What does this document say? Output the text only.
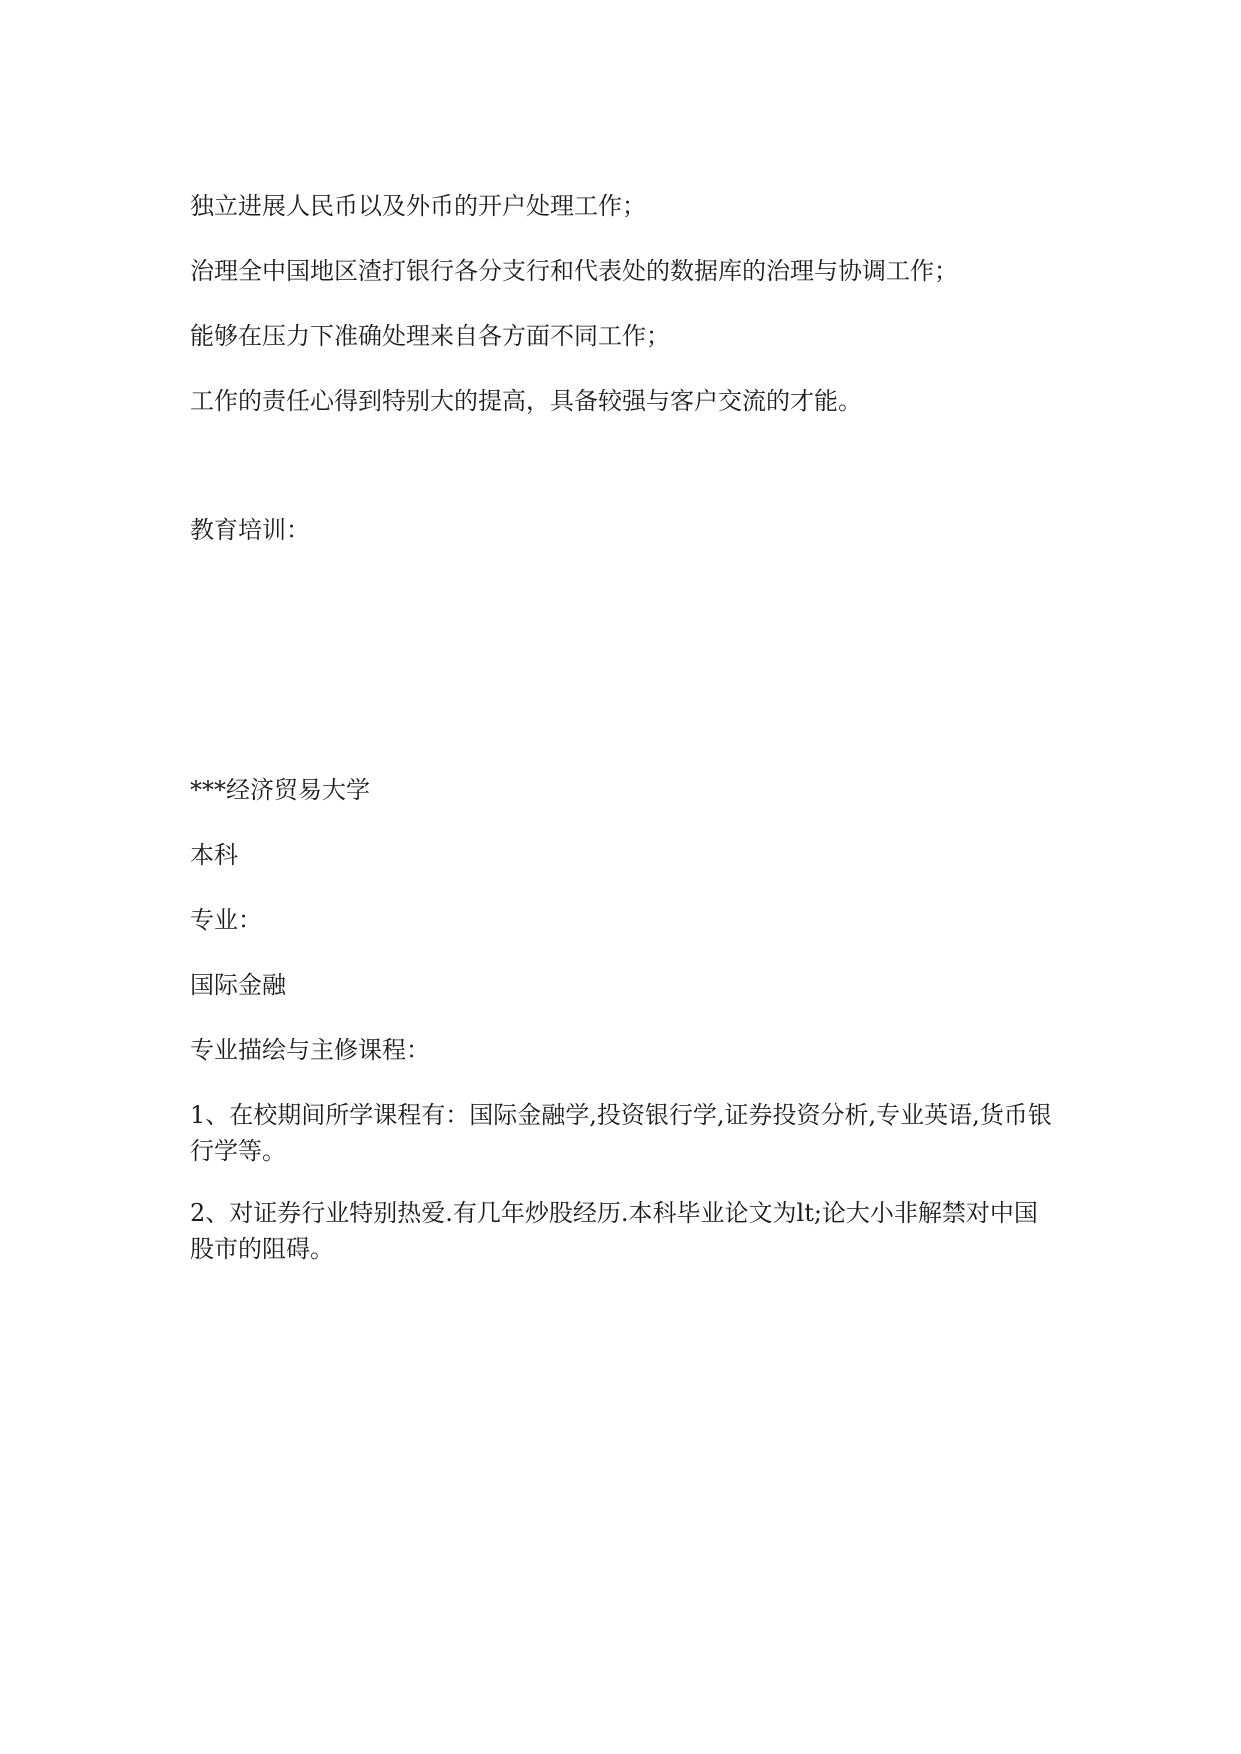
独立进展人民币以及外币的开户处理工作；

治理全中国地区渣打银行各分支行和代表处的数据库的治理与协调工作；

能够在压力下准确处理来自各方面不同工作；

工作的责任心得到特别大的提高，具备较强与客户交流的才能。

教育培训：

***经济贸易大学

本科

专业：

国际金融

专业描绘与主修课程：

1、在校期间所学课程有：国际金融学,投资银行学,证券投资分析,专业英语,货币银行学等。

2、对证券行业特别热爱.有几年炒股经历.本科毕业论文为lt;论大小非解禁对中国股市的阻碍。
